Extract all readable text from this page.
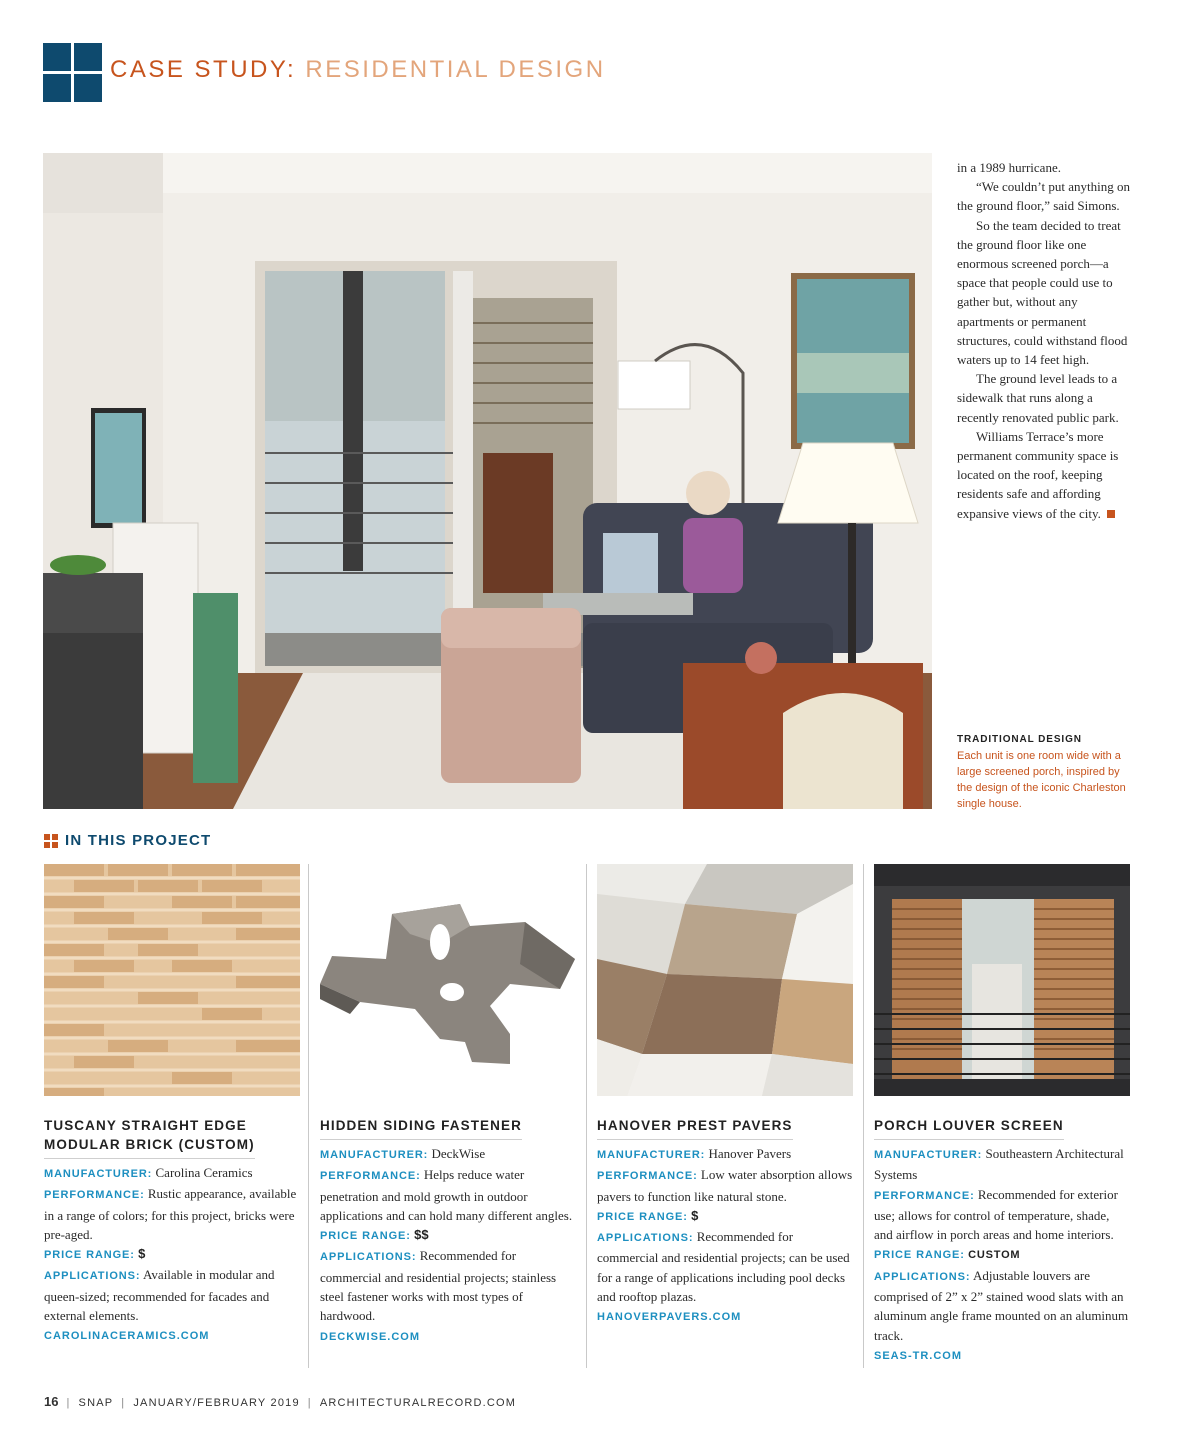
CASE STUDY: RESIDENTIAL DESIGN

in a 1989 hurricane.

“We couldn’t put anything on the ground floor,” said Simons.

So the team decided to treat the ground floor like one enormous screened porch—a space that people could use to gather but, without any apartments or permanent structures, could withstand flood waters up to 14 feet high.

The ground level leads to a sidewalk that runs along a recently renovated public park.

Williams Terrace’s more permanent community space is located on the roof, keeping residents safe and affording expansive views of the city.

TRADITIONAL DESIGN
Each unit is one room wide with a large screened porch, inspired by the design of the iconic Charleston single house.
IN THIS PROJECT
TUSCANY STRAIGHT EDGE
MODULAR BRICK (CUSTOM)
MANUFACTURER: Carolina Ceramics
PERFORMANCE: Rustic appearance, available in a range of colors; for this project, bricks were pre-aged.
PRICE RANGE: $
APPLICATIONS: Available in modular and queen-sized; recommended for facades and external elements.
CAROLINACERAMICS.COM
HIDDEN SIDING FASTENER
MANUFACTURER: DeckWise
PERFORMANCE: Helps reduce water penetration and mold growth in outdoor applications and can hold many different angles.
PRICE RANGE: $$
APPLICATIONS: Recommended for commercial and residential projects; stainless steel fastener works with most types of hardwood.
DECKWISE.COM
HANOVER PREST PAVERS
MANUFACTURER: Hanover Pavers
PERFORMANCE: Low water absorption allows pavers to function like natural stone.
PRICE RANGE: $
APPLICATIONS: Recommended for commercial and residential projects; can be used for a range of applications including pool decks and rooftop plazas.
HANOVERPAVERS.COM
PORCH LOUVER SCREEN
MANUFACTURER: Southeastern Architectural Systems
PERFORMANCE: Recommended for exterior use; allows for control of temperature, shade, and airflow in porch areas and home interiors.
PRICE RANGE: CUSTOM
APPLICATIONS: Adjustable louvers are comprised of 2” x 2” stained wood slats with an aluminum angle frame mounted on an aluminum track.
SEAS-TR.COM
16 | SNAP | JANUARY/FEBRUARY 2019 | ARCHITECTURALRECORD.COM
